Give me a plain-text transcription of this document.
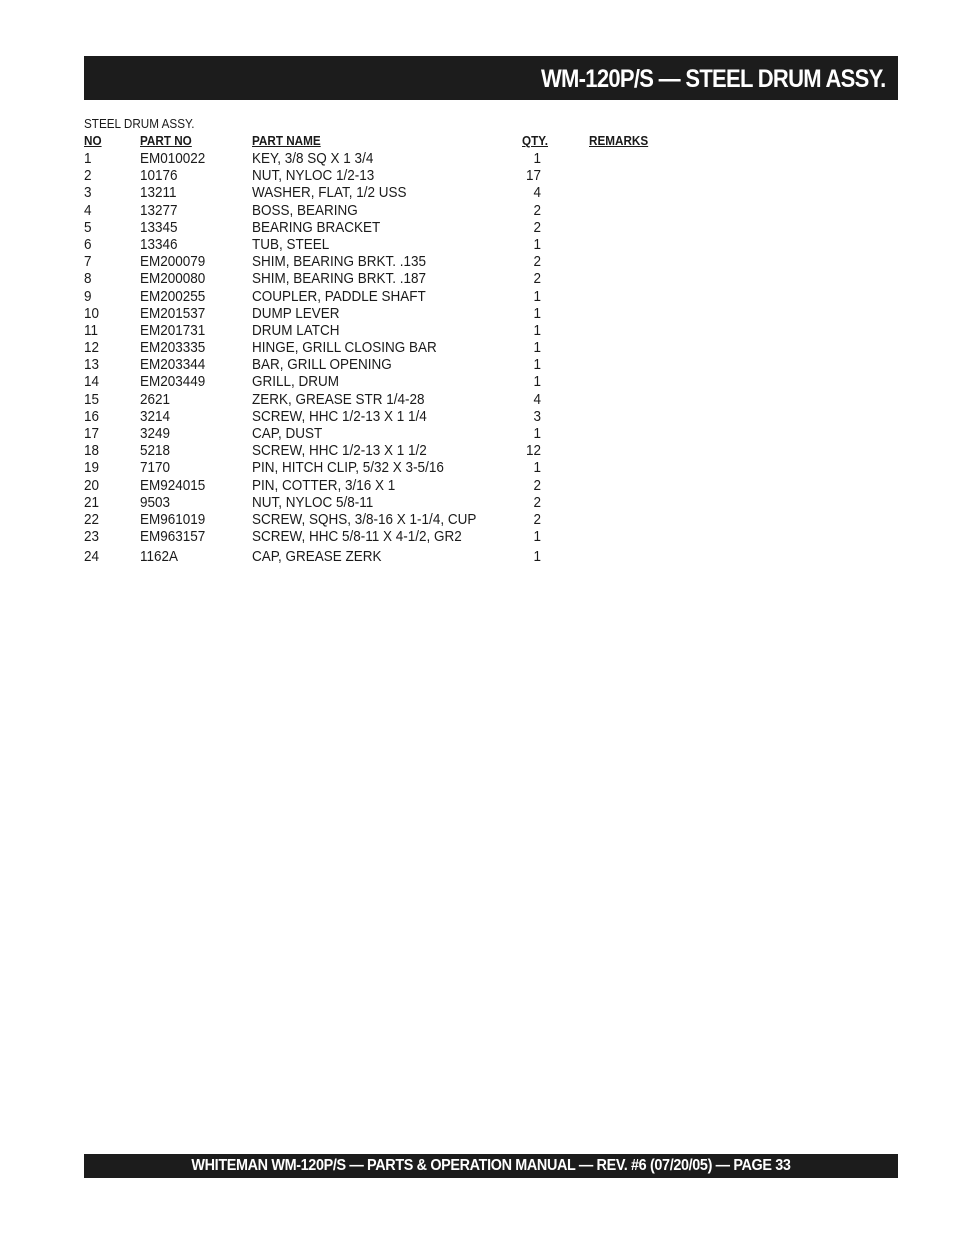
WM-120P/S — STEEL DRUM ASSY.
STEEL DRUM ASSY.
NO	PART NO	PART NAME	QTY.	REMARKS
1	EM010022	KEY, 3/8 SQ X 1 3/4	1
2	10176	NUT, NYLOC 1/2-13	17
3	13211	WASHER, FLAT, 1/2 USS	4
4	13277	BOSS, BEARING	2
5	13345	BEARING BRACKET	2
6	13346	TUB, STEEL	1
7	EM200079	SHIM, BEARING BRKT. .135	2
8	EM200080	SHIM, BEARING BRKT. .187	2
9	EM200255	COUPLER, PADDLE SHAFT	1
10	EM201537	DUMP LEVER	1
11	EM201731	DRUM LATCH	1
12	EM203335	HINGE, GRILL CLOSING BAR	1
13	EM203344	BAR, GRILL OPENING	1
14	EM203449	GRILL, DRUM	1
15	2621	ZERK, GREASE STR 1/4-28	4
16	3214	SCREW, HHC 1/2-13 X 1 1/4	3
17	3249	CAP, DUST	1
18	5218	SCREW, HHC 1/2-13 X 1 1/2	12
19	7170	PIN, HITCH CLIP, 5/32 X 3-5/16	1
20	EM924015	PIN, COTTER, 3/16 X 1	2
21	9503	NUT, NYLOC 5/8-11	2
22	EM961019	SCREW, SQHS, 3/8-16 X 1-1/4, CUP	2
23	EM963157	SCREW, HHC 5/8-11 X 4-1/2, GR2	1
24	1162A	CAP, GREASE ZERK	1
WHITEMAN WM-120P/S — PARTS & OPERATION MANUAL — REV. #6 (07/20/05) — PAGE 33
